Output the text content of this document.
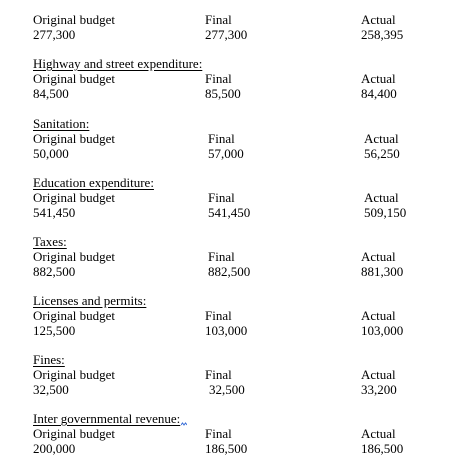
Original budget
277,300
Final
277,300
Actual
258,395
Highway and street expenditure:
Original budget
84,500
Final
85,500
Actual
84,400
Sanitation:
Original budget
50,000
Final
57,000
Actual
56,250
Education expenditure:
Original budget
541,450
Final
541,450
Actual
509,150
Taxes:
Original budget
882,500
Final
882,500
Actual
881,300
Licenses and permits:
Original budget
125,500
Final
103,000
Actual
103,000
Fines:
Original budget
32,500
Final
32,500
Actual
33,200
Inter governmental revenue:
Original budget
200,000
Final
186,500
Actual
186,500
